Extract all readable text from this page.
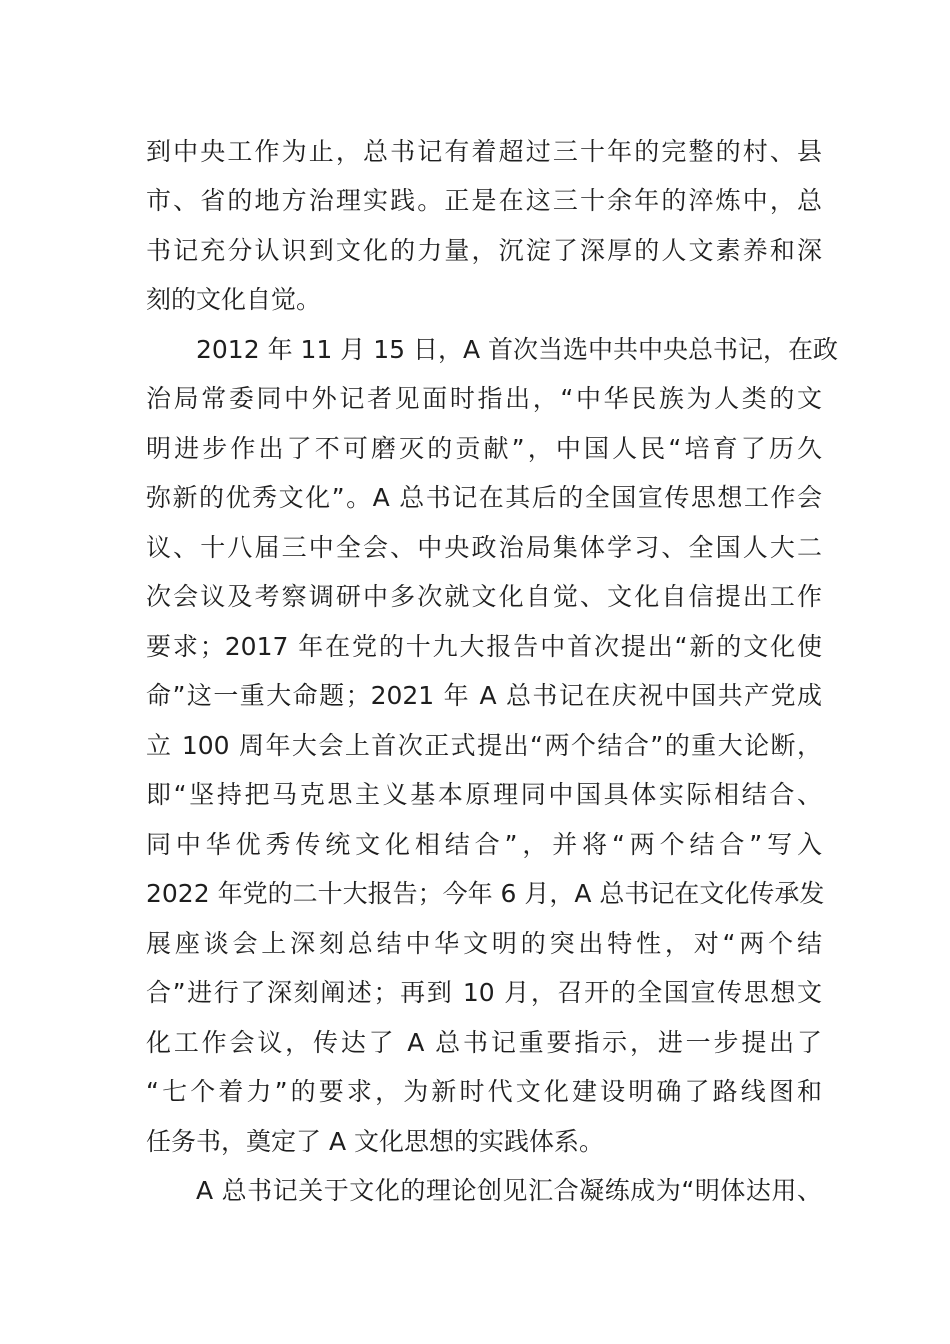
到中央工作为止，总书记有着超过三十年的完整的村、县
市、省的地方治理实践。正是在这三十余年的淬炼中，总
书记充分认识到文化的力量，沉淀了深厚的人文素养和深
刻的文化自觉。
2012 年 11 月 15 日，A 首次当选中共中央总书记，在政
治局常委同中外记者见面时指出，“中华民族为人类的文
明进步作出了不可磨灭的贡献”，中国人民“培育了历久
弥新的优秀文化”。A 总书记在其后的全国宣传思想工作会
议、十八届三中全会、中央政治局集体学习、全国人大二
次会议及考察调研中多次就文化自觉、文化自信提出工作
要求；2017 年在党的十九大报告中首次提出“新的文化使
命”这一重大命题；2021 年 A 总书记在庆祝中国共产党成
立 100 周年大会上首次正式提出“两个结合”的重大论断，
即“坚持把马克思主义基本原理同中国具体实际相结合、
同中华优秀传统文化相结合”，并将“两个结合”写入
2022 年党的二十大报告；今年 6 月，A 总书记在文化传承发
展座谈会上深刻总结中华文明的突出特性，对“两个结
合”进行了深刻阐述；再到 10 月，召开的全国宣传思想文
化工作会议，传达了 A 总书记重要指示，进一步提出了
“七个着力”的要求，为新时代文化建设明确了路线图和
任务书，奠定了 A 文化思想的实践体系。
A 总书记关于文化的理论创见汇合凝练成为“明体达用、
